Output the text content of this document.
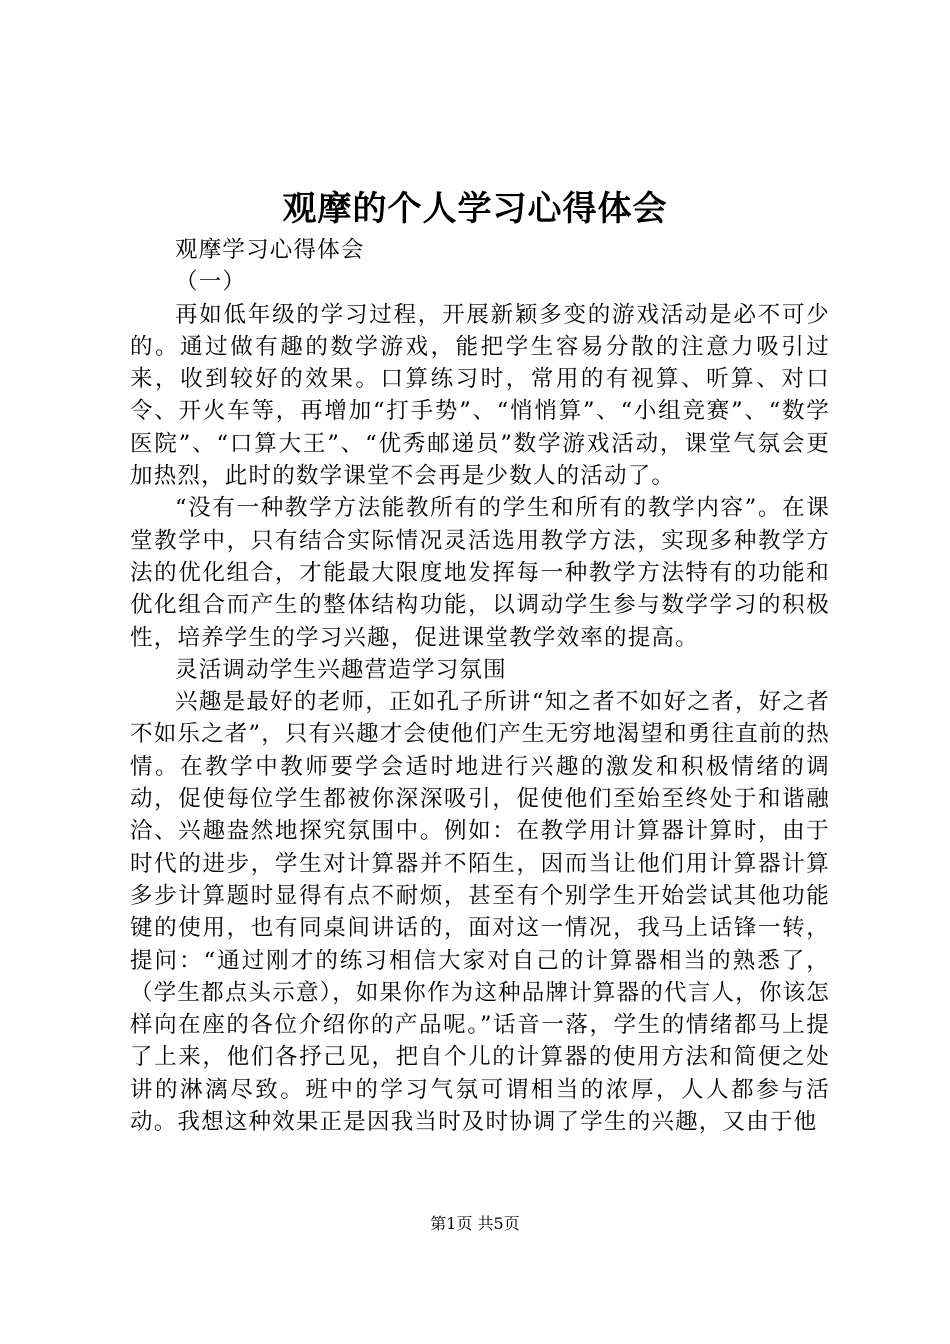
观摩的个人学习心得体会

观摩学习心得体会

（一）

再如低年级的学习过程，开展新颖多变的游戏活动是必不可少的。通过做有趣的数学游戏，能把学生容易分散的注意力吸引过来，收到较好的效果。口算练习时，常用的有视算、听算、对口令、开火车等，再增加“打手势”、“悄悄算”、“小组竞赛”、“数学医院”、“口算大王”、“优秀邮递员”数学游戏活动，课堂气氛会更加热烈，此时的数学课堂不会再是少数人的活动了。

“没有一种教学方法能教所有的学生和所有的教学内容”。在课堂教学中，只有结合实际情况灵活选用教学方法，实现多种教学方法的优化组合，才能最大限度地发挥每一种教学方法特有的功能和优化组合而产生的整体结构功能，以调动学生参与数学学习的积极性，培养学生的学习兴趣，促进课堂教学效率的提高。

灵活调动学生兴趣营造学习氛围

兴趣是最好的老师，正如孔子所讲“知之者不如好之者，好之者不如乐之者”，只有兴趣才会使他们产生无穷地渴望和勇往直前的热情。在教学中教师要学会适时地进行兴趣的激发和积极情绪的调动，促使每位学生都被你深深吸引，促使他们至始至终处于和谐融洽、兴趣盎然地探究氛围中。例如：在教学用计算器计算时，由于时代的进步，学生对计算器并不陌生，因而当让他们用计算器计算多步计算题时显得有点不耐烦，甚至有个别学生开始尝试其他功能键的使用，也有同桌间讲话的，面对这一情况，我马上话锋一转，提问：“通过刚才的练习相信大家对自己的计算器相当的熟悉了，（学生都点头示意），如果你作为这种品牌计算器的代言人，你该怎样向在座的各位介绍你的产品呢。”话音一落，学生的情绪都马上提了上来，他们各抒己见，把自个儿的计算器的使用方法和简便之处讲的淋漓尽致。班中的学习气氛可谓相当的浓厚，人人都参与活动。我想这种效果正是因我当时及时协调了学生的兴趣，又由于他

第1页 共5页
